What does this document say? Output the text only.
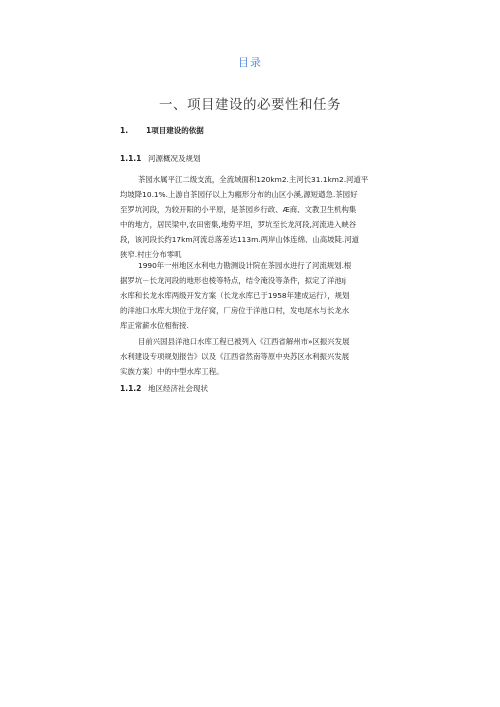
目录
一、项目建设的必要性和任务
1. 1项目建设的依据
1.1.1 河源概况及规划
茶园水属平江二级支流，全流域面积120km2.主河长31.1km2.河道平
均坡降10.1%.上游自茶园仔以上为瘢形分布的山区小溪,源短遒急.茶园好
至罗坑河段，为较开阳的小平原，是茶园乡行政、Æ商、文教卫生机构集
中的地方，居民梁中,农田密集,地势平坦，罗坑至长龙河段,河流进入峡谷
段，该河段长约17km河流总落差达113m.两岸山体连绵、山高坡陡.河道
狭窄.村庄分布零叽
1990年一州地区水利电力勘测设计院在茶园水进行了河流规划.根
据罗坑－长龙河段的地形也棱等特点，结令淹没等条件，拟定了洋池Ij
水库和长龙水库两级开发方案（长龙水库已于1958年建成运行），规划
的洋池口水库大坝位于龙仔窝，厂房位于洋池口村，发电尾水与长龙水
库正常薪水位相衔接.
目前兴国县洋池口水库工程已被列入《江西省解州市»区振兴发展
水利建设专项规划报告》以及《江西省然南等原中央苏区水利振兴发展
实族方案〕中的中型水库工程。
1.1.2 地区经济社会现状
